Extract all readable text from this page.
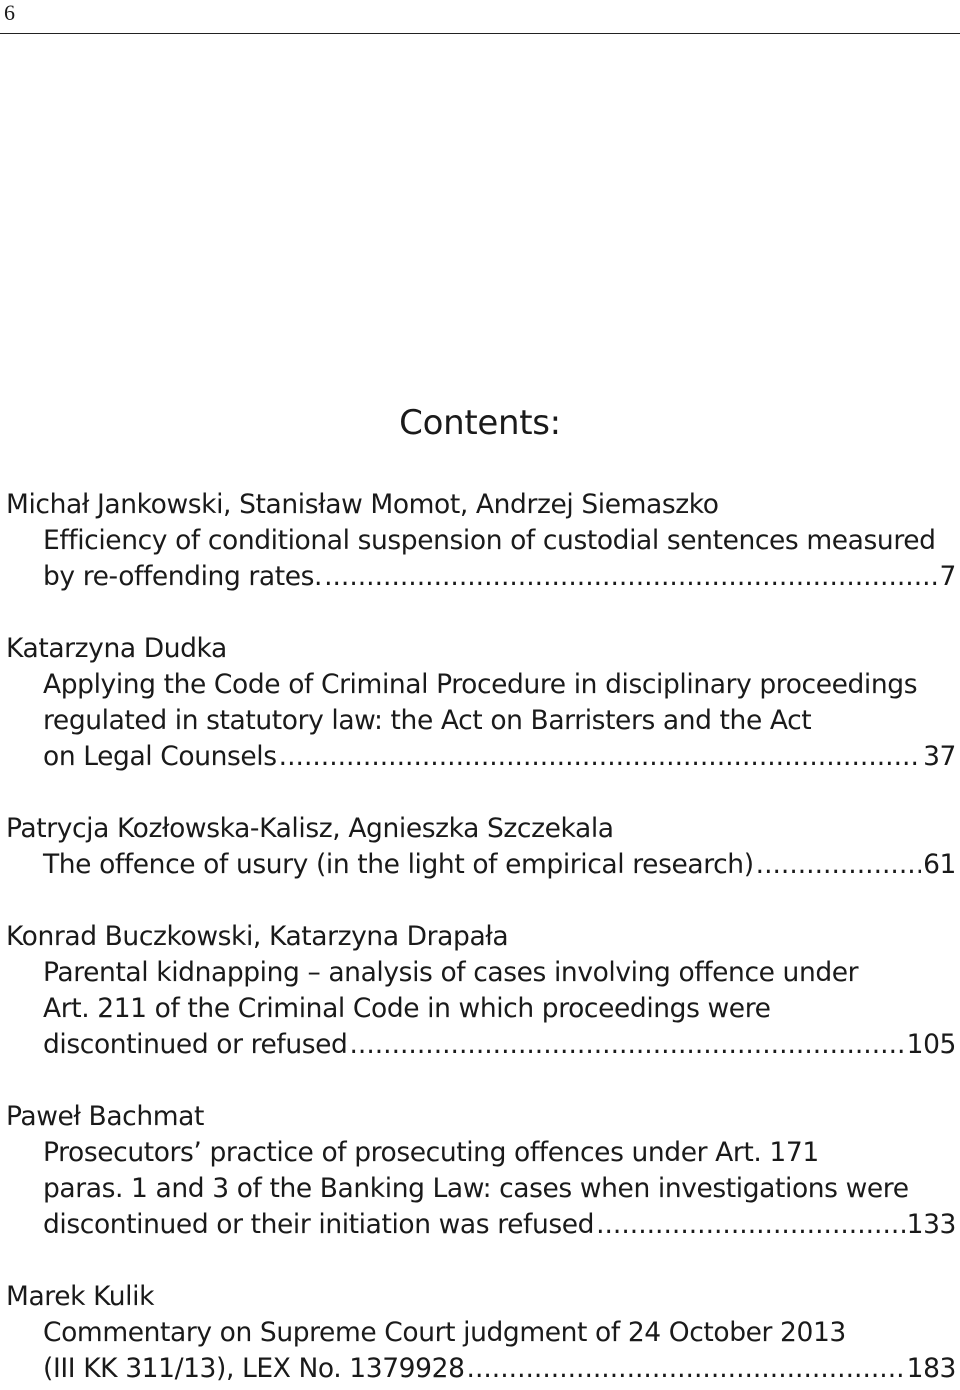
6
Contents:
Michał Jankowski, Stanisław Momot, Andrzej Siemaszko
Efficiency of conditional suspension of custodial sentences measured
by re-offending rates. .....	7
Katarzyna Dudka
Applying the Code of Criminal Procedure in disciplinary proceedings
regulated in statutory law: the Act on Barristers and the Act
on Legal Counsels .....	37
Patrycja Kozłowska-Kalisz, Agnieszka Szczekala
The offence of usury (in the light of empirical research) .....	61
Konrad Buczkowski, Katarzyna Drapała
Parental kidnapping – analysis of cases involving offence under
Art. 211 of the Criminal Code in which proceedings were
discontinued or refused .....	105
Paweł Bachmat
Prosecutors’ practice of prosecuting offences under Art. 171
paras. 1 and 3 of the Banking Law: cases when investigations were
discontinued or their initiation was refused .....	133
Marek Kulik
Commentary on Supreme Court judgment of 24 October 2013
(III KK 311/13), LEX No. 1379928 .....	183
